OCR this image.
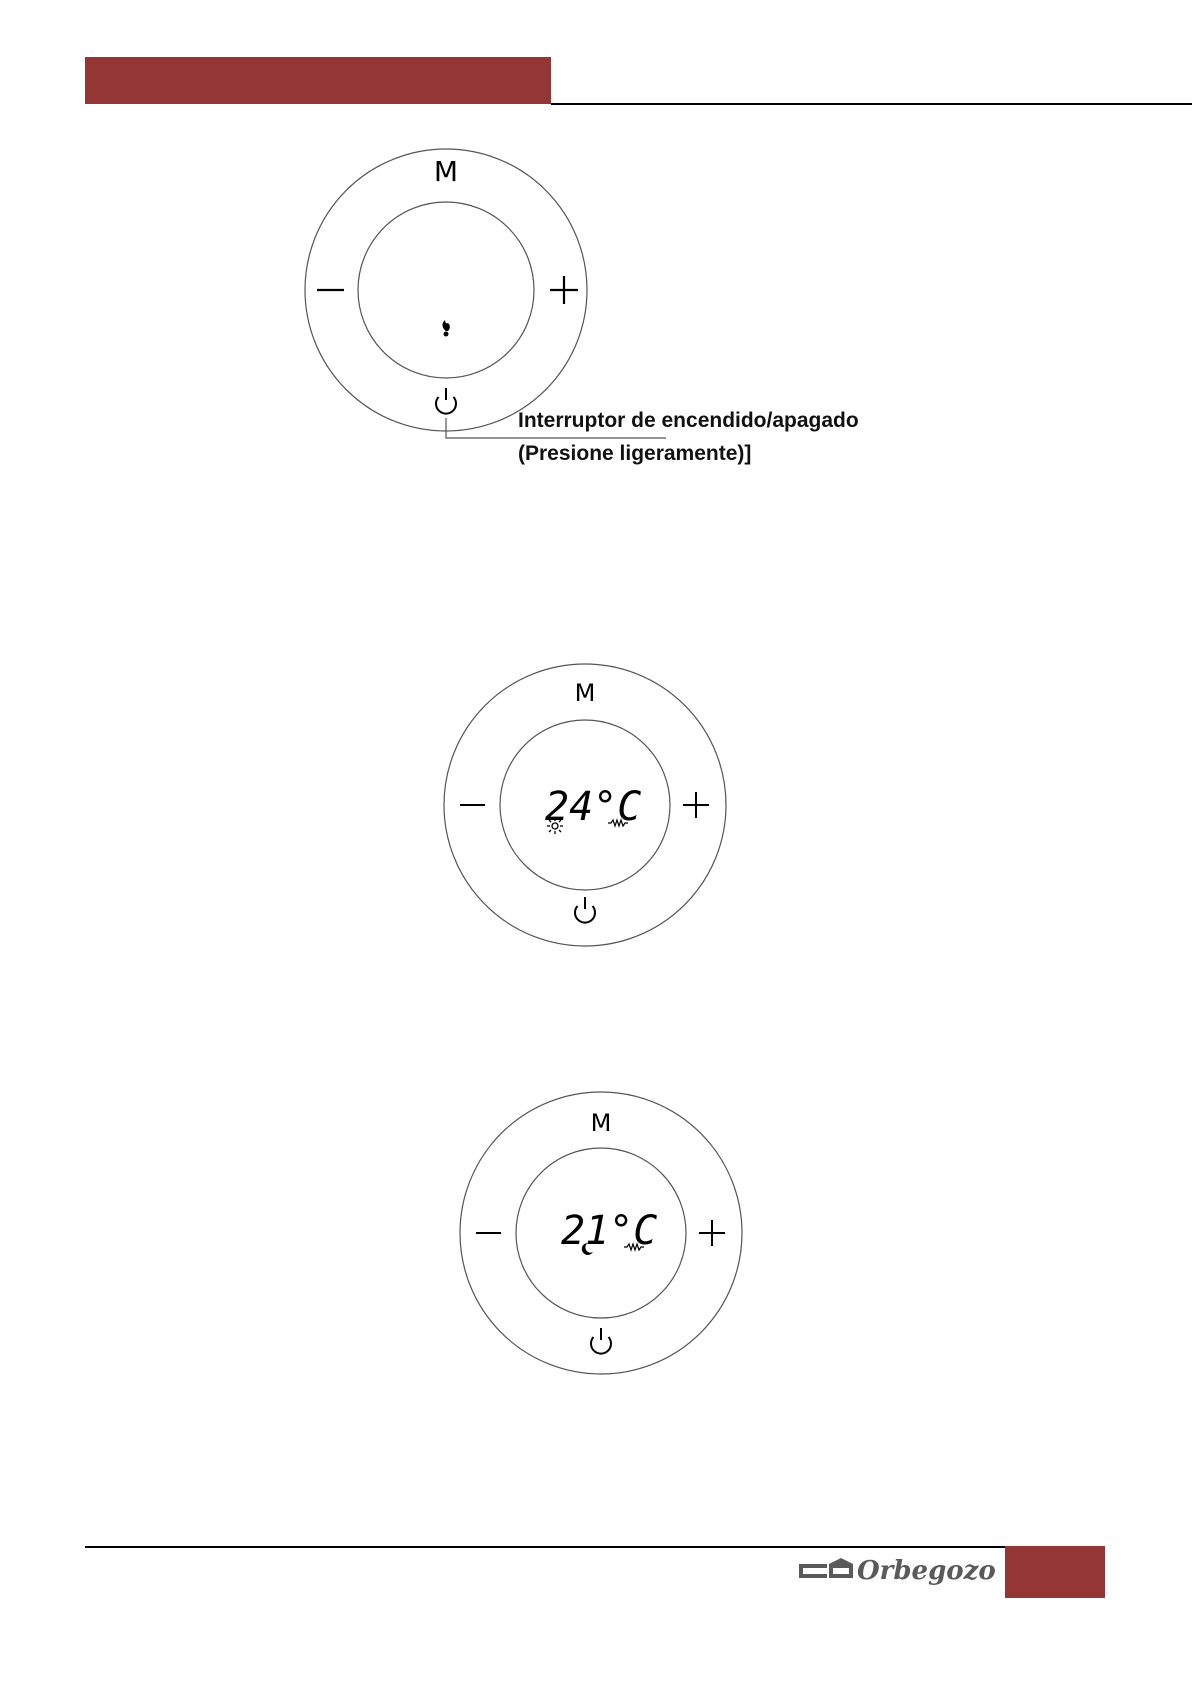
M
Interruptor de encendido/apagado
(Presione ligeramente)]
M
24°C
M
21°C
Orbegozo
